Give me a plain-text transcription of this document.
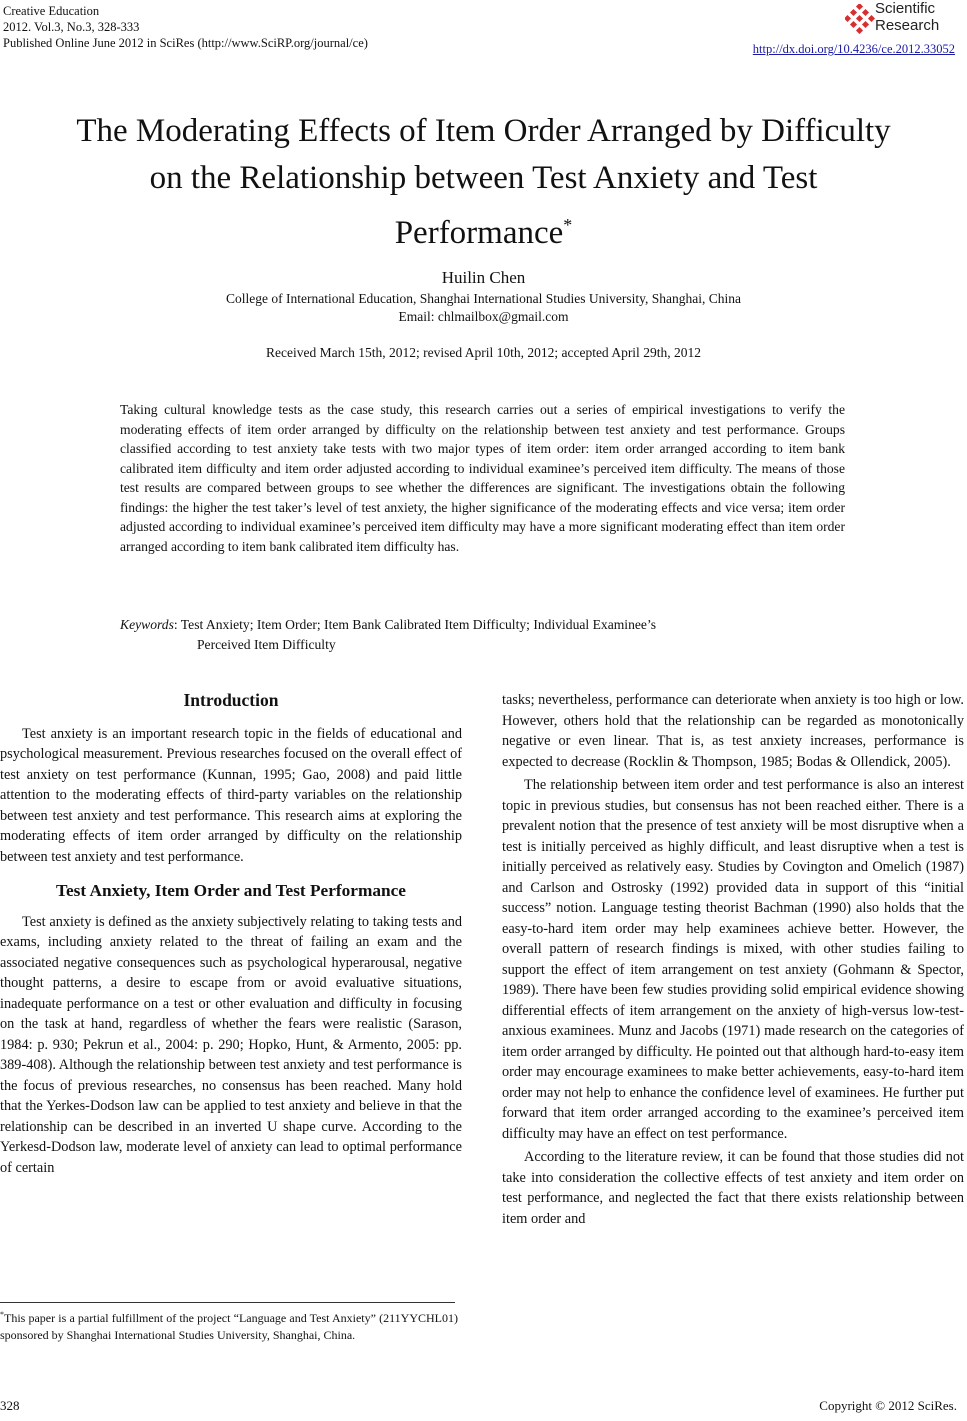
Creative Education
2012. Vol.3, No.3, 328-333
Published Online June 2012 in SciRes (http://www.SciRP.org/journal/ce)
Scientific
Research
http://dx.doi.org/10.4236/ce.2012.33052
The Moderating Effects of Item Order Arranged by Difficulty on the Relationship between Test Anxiety and Test Performance*
Huilin Chen
College of International Education, Shanghai International Studies University, Shanghai, China
Email: chlmailbox@gmail.com
Received March 15th, 2012; revised April 10th, 2012; accepted April 29th, 2012
Taking cultural knowledge tests as the case study, this research carries out a series of empirical investigations to verify the moderating effects of item order arranged by difficulty on the relationship between test anxiety and test performance. Groups classified according to test anxiety take tests with two major types of item order: item order arranged according to item bank calibrated item difficulty and item order adjusted according to individual examinee’s perceived item difficulty. The means of those test results are compared between groups to see whether the differences are significant. The investigations obtain the following findings: the higher the test taker’s level of test anxiety, the higher significance of the moderating effects and vice versa; item order adjusted according to individual examinee’s perceived item difficulty may have a more significant moderating effect than item order arranged according to item bank calibrated item difficulty has.
Keywords: Test Anxiety; Item Order; Item Bank Calibrated Item Difficulty; Individual Examinee’s
Perceived Item Difficulty
Introduction

Test anxiety is an important research topic in the fields of educational and psychological measurement. Previous researches focused on the overall effect of test anxiety on test performance (Kunnan, 1995; Gao, 2008) and paid little attention to the moderating effects of third-party variables on the relationship between test anxiety and test performance. This research aims at exploring the moderating effects of item order arranged by difficulty on the relationship between test anxiety and test performance.

Test Anxiety, Item Order and Test Performance

Test anxiety is defined as the anxiety subjectively relating to taking tests and exams, including anxiety related to the threat of failing an exam and the associated negative consequences such as psychological hyperarousal, negative thought patterns, a desire to escape from or avoid evaluative situations, inadequate performance on a test or other evaluation and difficulty in focusing on the task at hand, regardless of whether the fears were realistic (Sarason, 1984: p. 930; Pekrun et al., 2004: p. 290; Hopko, Hunt, & Armento, 2005: pp. 389-408). Although the relationship between test anxiety and test performance is the focus of previous researches, no consensus has been reached. Many hold that the Yerkes-Dodson law can be applied to test anxiety and believe in that the relationship can be described in an inverted U shape curve. According to the Yerkesd-Dodson law, moderate level of anxiety can lead to optimal performance of certain

tasks; nevertheless, performance can deteriorate when anxiety is too high or low. However, others hold that the relationship can be regarded as monotonically negative or even linear. That is, as test anxiety increases, performance is expected to decrease (Rocklin & Thompson, 1985; Bodas & Ollendick, 2005).

The relationship between item order and test performance is also an interest topic in previous studies, but consensus has not been reached either. There is a prevalent notion that the presence of test anxiety will be most disruptive when a test is initially perceived as highly difficult, and least disruptive when a test is initially perceived as relatively easy. Studies by Covington and Omelich (1987) and Carlson and Ostrosky (1992) provided data in support of this “initial success” notion. Language testing theorist Bachman (1990) also holds that the easy-to-hard item order may help examinees achieve better. However, the overall pattern of research findings is mixed, with other studies failing to support the effect of item arrangement on test anxiety (Gohmann & Spector, 1989). There have been few studies providing solid empirical evidence showing differential effects of item arrangement on the anxiety of high-versus low-test-anxious examinees. Munz and Jacobs (1971) made research on the categories of item order arranged by difficulty. He pointed out that although hard-to-easy item order may encourage examinees to make better achievements, easy-to-hard item order may not help to enhance the confidence level of examinees. He further put forward that item order arranged according to the examinee’s perceived item difficulty may have an effect on test performance.

According to the literature review, it can be found that those studies did not take into consideration the collective effects of test anxiety and item order on test performance, and neglected the fact that there exists relationship between item order and

*This paper is a partial fulfillment of the project “Language and Test Anxiety” (211YYCHL01) sponsored by Shanghai International Studies University, Shanghai, China.
328	Copyright © 2012 SciRes.
